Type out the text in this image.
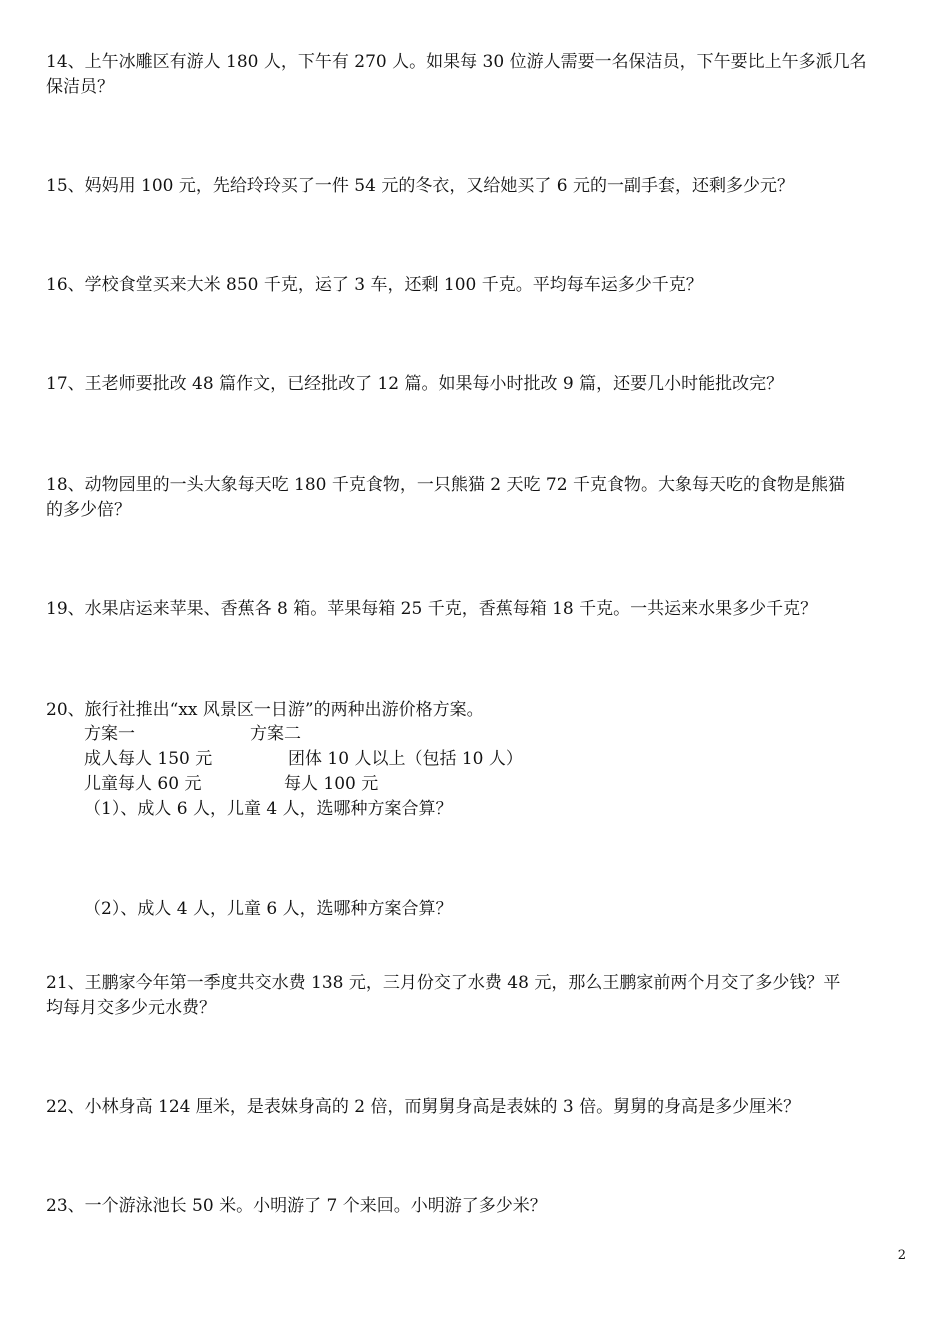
14、上午冰雕区有游人 180 人，下午有 270 人。如果每 30 位游人需要一名保洁员，下午要比上午多派几名
保洁员？
15、妈妈用 100 元，先给玲玲买了一件 54 元的冬衣，又给她买了 6 元的一副手套，还剩多少元？
16、学校食堂买来大米 850 千克，运了 3 车，还剩 100 千克。平均每车运多少千克？
17、王老师要批改 48 篇作文，已经批改了 12 篇。如果每小时批改 9 篇，还要几小时能批改完？
18、动物园里的一头大象每天吃 180 千克食物，一只熊猫 2 天吃 72 千克食物。大象每天吃的食物是熊猫
的多少倍？
19、水果店运来苹果、香蕉各 8 箱。苹果每箱 25 千克，香蕉每箱 18 千克。一共运来水果多少千克？
20、旅行社推出“xx 风景区一日游”的两种出游价格方案。
方案一	方案二
成人每人 150 元	团体 10 人以上（包括 10 人）
儿童每人 60 元	每人 100 元
（1）、成人 6 人，儿童 4 人，选哪种方案合算？
（2）、成人 4 人，儿童 6 人，选哪种方案合算？
21、王鹏家今年第一季度共交水费 138 元，三月份交了水费 48 元，那么王鹏家前两个月交了多少钱？平
均每月交多少元水费？
22、小林身高 124 厘米，是表妹身高的 2 倍，而舅舅身高是表妹的 3 倍。舅舅的身高是多少厘米？
23、一个游泳池长 50 米。小明游了 7 个来回。小明游了多少米？
2
